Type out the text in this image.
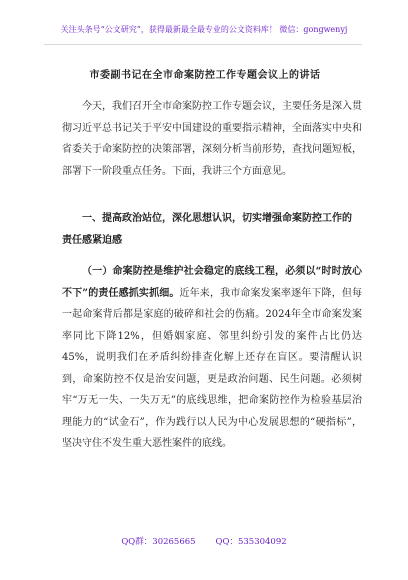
关注头条号“公文研究”，获得最新最全最专业的公文资料库！ 微信：gongwenyj
市委副书记在全市命案防控工作专题会议上的讲话

今天，我们召开全市命案防控工作专题会议，主要任务是深入贯彻习近平总书记关于平安中国建设的重要指示精神，全面落实中央和省委关于命案防控的决策部署，深刻分析当前形势，查找问题短板，部署下一阶段重点任务。下面，我讲三个方面意见。

一、提高政治站位，深化思想认识，切实增强命案防控工作的责任感紧迫感

（一）命案防控是维护社会稳定的底线工程，必须以“时时放心不下”的责任感抓实抓细。近年来，我市命案发案率逐年下降，但每一起命案背后都是家庭的破碎和社会的伤痛。2024年全市命案发案率同比下降12%，但婚姻家庭、邻里纠纷引发的案件占比仍达45%，说明我们在矛盾纠纷排查化解上还存在盲区。要清醒认识到，命案防控不仅是治安问题，更是政治问题、民生问题。必须树牢“万无一失、一失万无”的底线思维，把命案防控作为检验基层治理能力的“试金石”，作为践行以人民为中心发展思想的“硬指标”，坚决守住不发生重大恶性案件的底线。

QQ群：30265665 QQ：535304092
